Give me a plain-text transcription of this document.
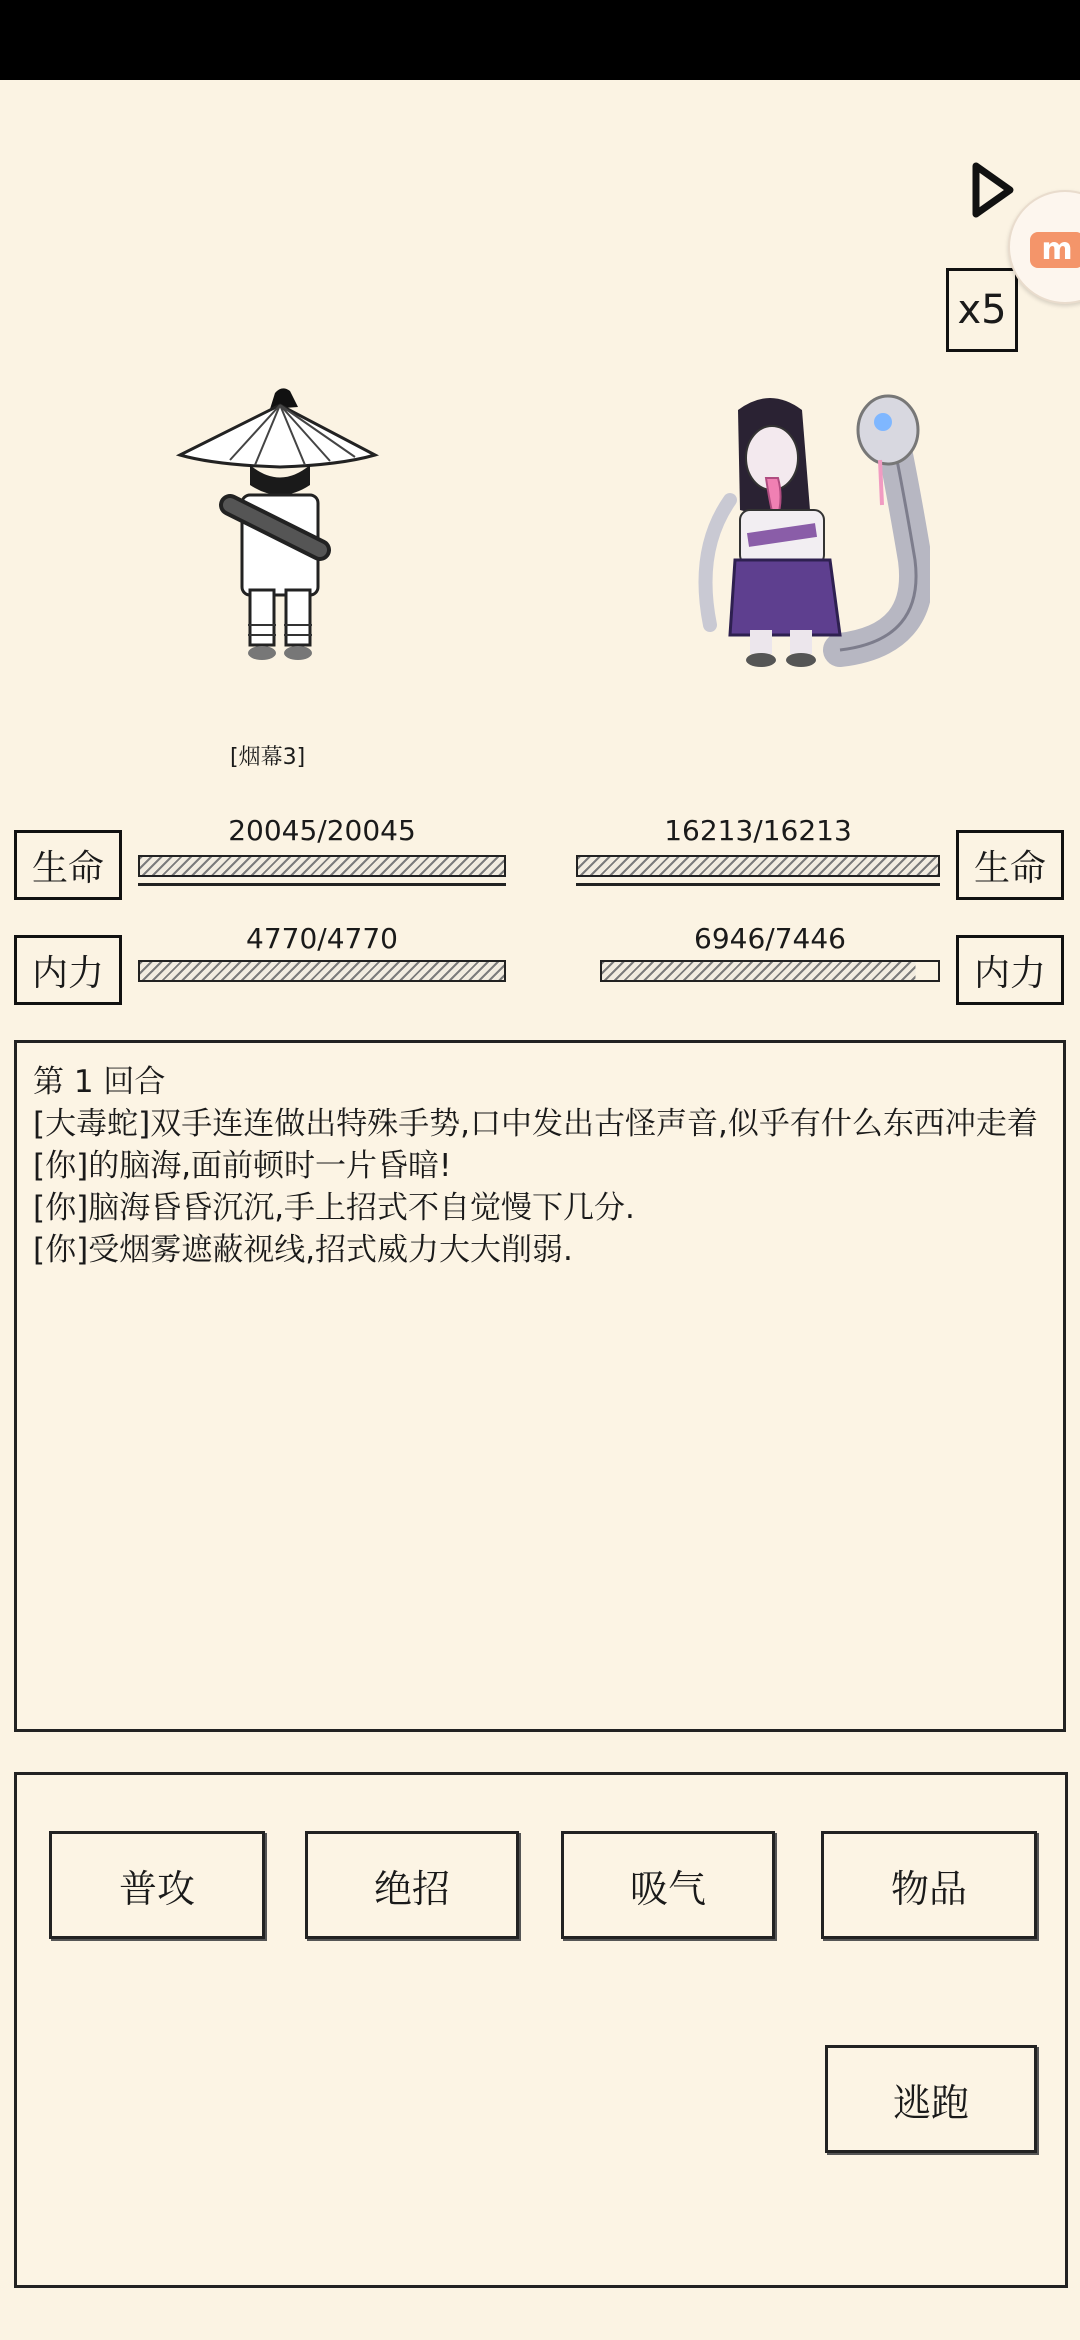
x5
m
[烟幕3]
生命
20045/20045
内力
4770/4770
生命
16213/16213
内力
6946/7446

第 1 回合

[大毒蛇]双手连连做出特殊手势,口中发出古怪声音,似乎有什么东西冲走着[你]的脑海,面前顿时一片昏暗!

[你]脑海昏昏沉沉,手上招式不自觉慢下几分.

[你]受烟雾遮蔽视线,招式威力大大削弱.

普攻	绝招	吸气	物品
逃跑
